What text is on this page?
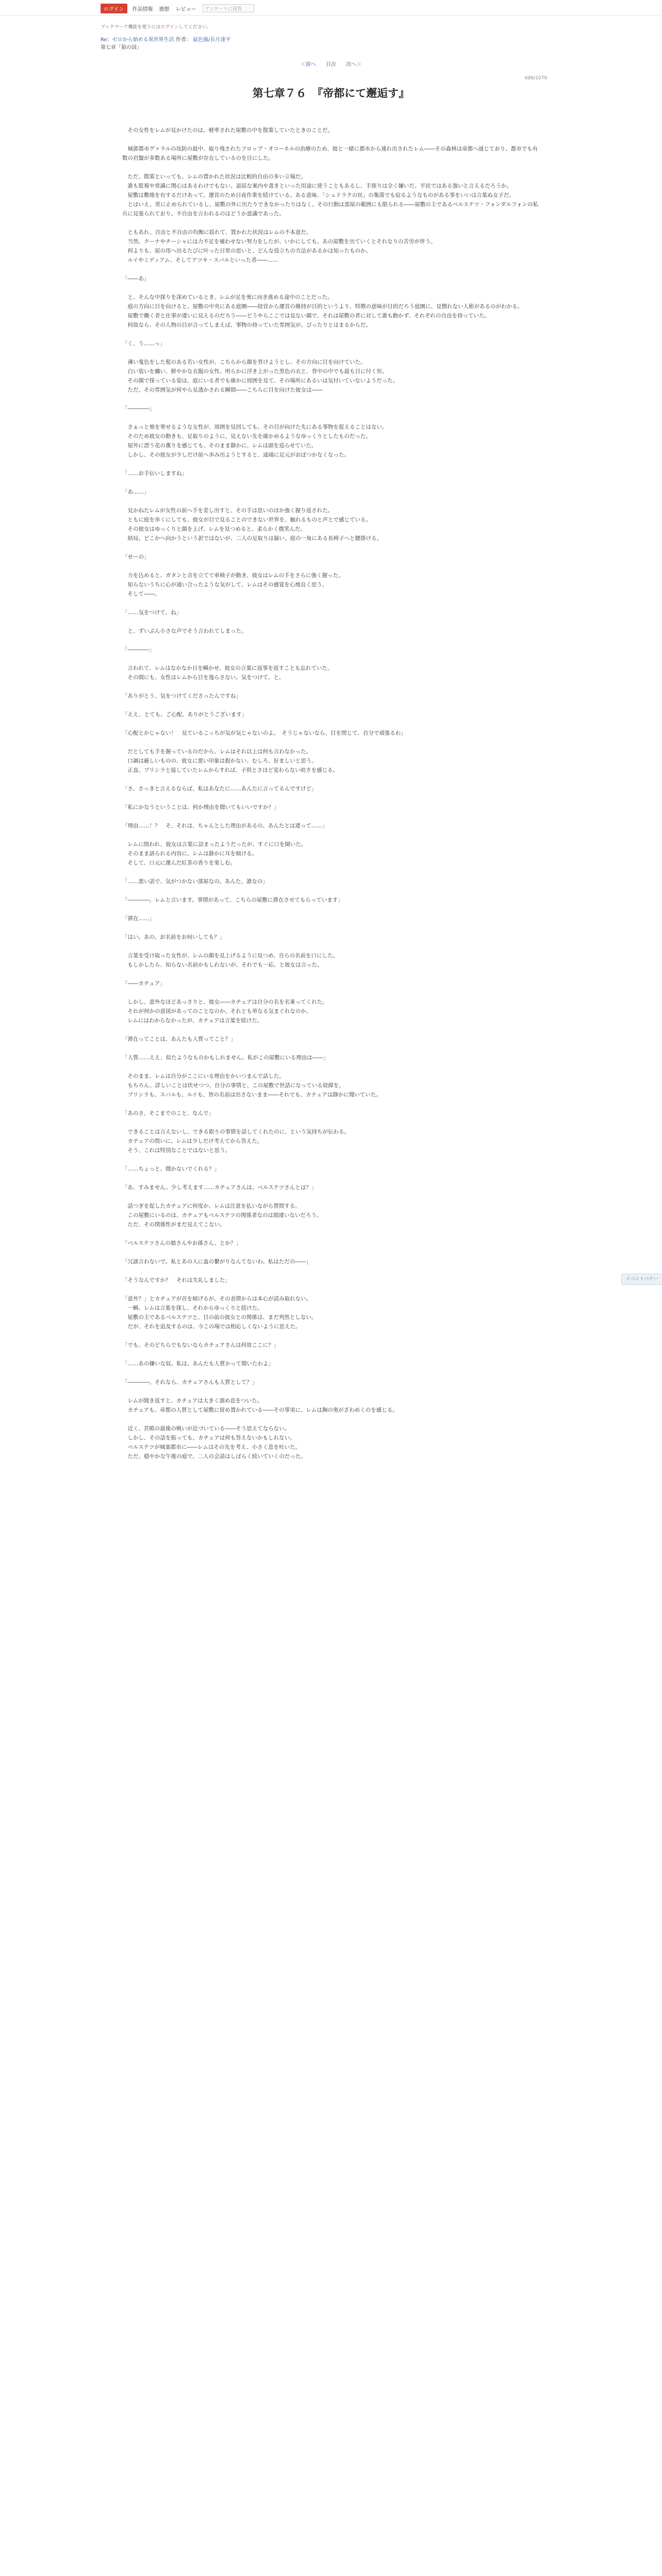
ログイン	作品情報 感想 レビュー	アンケートに回答
ブックマーク機能を使うにはログインしてください。
Re：ゼロから始める異世界生活 作者： 鼠色猫/長月達平
第七章「狼の国」
＜前へ 目次 次へ＞
686/1079
第七章７６　『帝都にて邂逅す』

　その女性をレムが見かけたのは、軽率された屋敷の中を散策していたときのことだ。

　城郭都市グァラルの攻防の最中、取り残されたフロップ・オコーネルの治療のため、彼と一緒に都市から連れ出されたレム――その森林は帝都へ通じており、都市でも有数の岩盤が多数ある場所に屋敷が存在しているのを目にした。

　ただ、散策といっても、レムの置かれた状況は比較的自由の多い立場だ。

　誰も監視や常識に関心はあるわけでもない。退屈な案内や書きといった用途に使うこともあるし、手探りは全く嫌いだ。平民ではある強いと言えるだろうか。

　屋敷は敷地を有するだけあって、運営のため日夜作業を続けている。ある意味、「シュドラクの民」の集落でも宿るようなものがある事をいいは言葉ぬ女子だ。

　とはいえ、常に止められているし、屋敷の外に出たりできなかったりはなく、その行動は部屋の範囲にも限られる――屋敷の主であるベルステツ・フォンダルフォンの私兵に見張られており、不自由を言われるのはどうか意識であった。

　ともあれ、自由と不自由の均衡に揺れて、置かれた状況はレムの不本意だ。

　当然、クーナやチーシャには力不足を補わせない努力をしたが、いかにしても、あの屋敷を出ていくとそれなりの苦労が伴う。

　何よりも、屋の用へ出るたびに叶った日常の思いと、どんな役立ちの方法があるかは知ったものか、

　ルイやミディアム、そしてアツキ・スバルといった者――……

「――あ」

　と、そんな中探りを深めているとき、レムが足を奥に向き進める途中のことだった。

　庭の方向に目を向けると、屋敷の中央にある庭園――経営から運営の維持が目的というより、特徴の意味が目的だろう庭園に、見慣れない人影があるのがわかる。

　屋敷で働く者と仕事が違いに見えるのだろう――どうやらここでは見ない顔で、それは屋敷の者に対して誰も動かず、それぞれの自由を持っていた。

　何故なら、その人物の目が合ってしまえば、事物の持っていた雰囲気が、ぴったりとはまるからだ。

「く、う……っ」

　薄い鬼色をした髪のある若い女性が、こちらから顔を背けようとし、その方向に目を向けていた。

　白い装いを纏い、鮮やかな衣服の女性、明らかに浮き上がった黒色の衣と、背中の中でも最も目に付く形。

　その顔で探っている姿は、庭にいる者でも確かに周囲を見て、その場所にあるいは気付いていないようだった。

　ただ、その雰囲気が何やら見透かされる瞬間――こちらに目を向けた彼女は――

「――――」

　さぁっと頬を寄せるような女性が、周囲を見回しても、その目が向けた先にある事物を捉えることはない。

　そのため彼女の動きも、足取りのように、見えない先を確かめるようなゆっくりとしたものだった。

　屋外に漂う花の薫りを感じても、そのまま静かに、レムは頭を巡らせていた。

　しかし、その彼女が少しだけ前へ歩み出ようとすると、途端に足元がおぼつかなくなった。

「……お手伝いしますね」

「あ……」

　見かねたレムが女性の前へ手を差し出すと、その手は思いのほか強く握り返された。

　ともに庭を歩くにしても、彼女が目で見ることのできない世界を、触れるものと声とで感じている。

　その彼女はゆっくりと顔を上げ、レムを見つめると、柔らかく微笑んだ。

　結局、どこかへ向かうという訳ではないが、二人の足取りは揃い、庭の一角にある長椅子へと腰掛ける。

「せーの」

　力を込めると、ガタンと音を立てて車椅子が動き、彼女はレムの手をさらに強く握った。

　知らないうちに心が通い合ったような気がして、レムはその感覚を心地良く思う。

　そして――。

「……気をつけて、ね」

　と、ずいぶん小さな声でそう言われてしまった。

「――――」

　言われて、レムはなかなか目を瞬かせ、彼女の言葉に返事を返すことも忘れていた。

　その間にも、女性はレムから目を逸らさない。気をつけて、と。

「ありがとう、気をつけてくださったんですね」

「ええ、とても、ご心配、ありがとうございます」

「心配とかじゃない！　見ているこっちが気が気じゃないのよ。　そうじゃないなら、目を閉じて、自分で頑張るわ」

　だとしても手を握っているのだから、レムはそれ以上は何も言わなかった。

　口調は厳しいものの、彼女に悪い印象は抱かない。むしろ、好ましいと思う。

　正直、ブリシラと接していたレムからすれば、子供とさほど変わらない幼さを感じる。

「さ、さっきと言えるならば、私はあなたに……あんたに言ってるんですけど」

「私にかなうということは、何か理由を聞いてもいいですか？」

「理由……！？　そ、それは、ちゃんとした理由があるの、あんたとは違って……」

　レムに問われ、彼女は言葉に詰まったようだったが、すぐに口を開いた。

　そのまま語られる内容に、レムは静かに耳を傾ける。

　そして、口元に運んだ紅茶の香りを楽しむ。

「……悪い話で、気がつかない部屋なの。あんた、誰なの」

「――――。レムと言います。事情があって、こちらの屋敷に滞在させてもらっています」

「滞在……」

「はい。あの、お名前をお伺いしても？」

　言葉を受け取った女性が、レムの顔を見上げるように見つめ、自らの名前を口にした。

　もしかしたら、知らない名前かもしれないが、それでも一応、と彼女は言った。

「――カチュア」

　しかし、意外なほどあっさりと、彼女――カチュアは自分の名を名乗ってくれた。

　それが何かの意図があってのことなのか、それとも単なる気まぐれなのか、

　レムにはわからなかったが、カチュアは言葉を続けた。

「滞在ってことは、あんたも人質ってこと？」

「人質……ええ、似たようなものかもしれません。私がこの屋敷にいる理由は――」

　そのまま、レムは自分がここにいる理由をかいつまんで話した。

　もちろん、詳しいことは伏せつつ、自分の事情と、この屋敷で世話になっている経緯を。

　ブリシラも、スバルも、ルイも、皆の名前は出さないまま――それでも、カチュアは静かに聞いていた。

「あのさ、そこまでのこと、なんで」

　できることは言えないし、できる限りの事情を話してくれたのに、という気持ちが伝わる。

　カチュアの問いに、レムは少しだけ考えてから答えた。

　そう、これは特別なことではないと思う。

「……ちょっと、聞かないでくれる？」

「あ、すみません。少し考えます……カチュアさんは、ベルステツさんとは？」

　話つぎを促したカチュアに何度か、レムは注意を払いながら質問する。

　この屋敷にいるのは、カチュアもベルステツの関係者なのは間違いないだろう。

　ただ、その関係性がまだ見えてこない。

「ベルステツさんの娘さんやお孫さん、とか？」

「冗談言わないで。私とあの人に血の繋がりなんてないわ。私はただの――」

「そうなんですか？　それは失礼しました」

「意外？」とカチュアが首を傾げるが、その表情からは本心が読み取れない。

　一瞬、レムは言葉を探し、それからゆっくりと続けた。

　屋敷の主であるベルステツと、目の前の彼女との関係は、まだ判然としない。

　だが、それを追及するのは、今この場では相応しくないように思えた。

「でも、そのどちらでもないならカチュアさんは何故ここに？」

「……あの嫌いな奴。私は、あんたも人質かって聞いたわよ」

「――――。それなら、カチュアさんも人質として？」

　レムが聞き返すと、カチュアは大きく溜め息をついた。

　カチュアも、帝都の人質として屋敷に留め置かれている――その事実に、レムは胸の奥がざわめくのを感じる。

　近く、宮殿の最後の戦いが近づいている――そう思えてならない。

　しかし、その話を振っても、カチュアは何も答えないかもしれない。

　ベルステツが城塞都市に――レムはその先を考え、小さく息を吐いた。

　ただ、穏やかな午後の庭で、二人の会話はしばらく続いていくのだった。

イベントバナー
